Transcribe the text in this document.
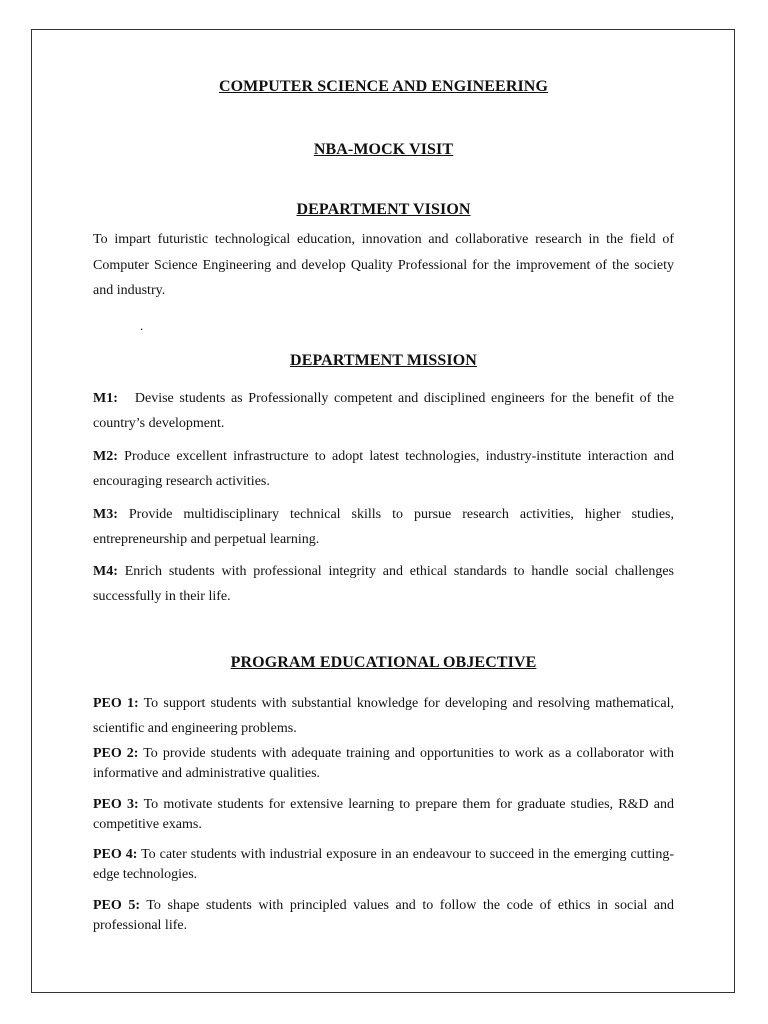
COMPUTER SCIENCE AND ENGINEERING
NBA-MOCK VISIT
DEPARTMENT VISION

To impart futuristic technological education, innovation and collaborative research in the field of Computer Science Engineering and develop Quality Professional for the improvement of the society and industry.

DEPARTMENT MISSION

M1: Devise students as Professionally competent and disciplined engineers for the benefit of the country’s development.

M2: Produce excellent infrastructure to adopt latest technologies, industry-institute interaction and encouraging research activities.

M3: Provide multidisciplinary technical skills to pursue research activities, higher studies, entrepreneurship and perpetual learning.

M4: Enrich students with professional integrity and ethical standards to handle social challenges successfully in their life.

PROGRAM EDUCATIONAL OBJECTIVE

PEO 1: To support students with substantial knowledge for developing and resolving mathematical, scientific and engineering problems.

PEO 2: To provide students with adequate training and opportunities to work as a collaborator with informative and administrative qualities.

PEO 3: To motivate students for extensive learning to prepare them for graduate studies, R&D and competitive exams.

PEO 4: To cater students with industrial exposure in an endeavour to succeed in the emerging cutting-edge technologies.

PEO 5: To shape students with principled values and to follow the code of ethics in social and professional life.

.
